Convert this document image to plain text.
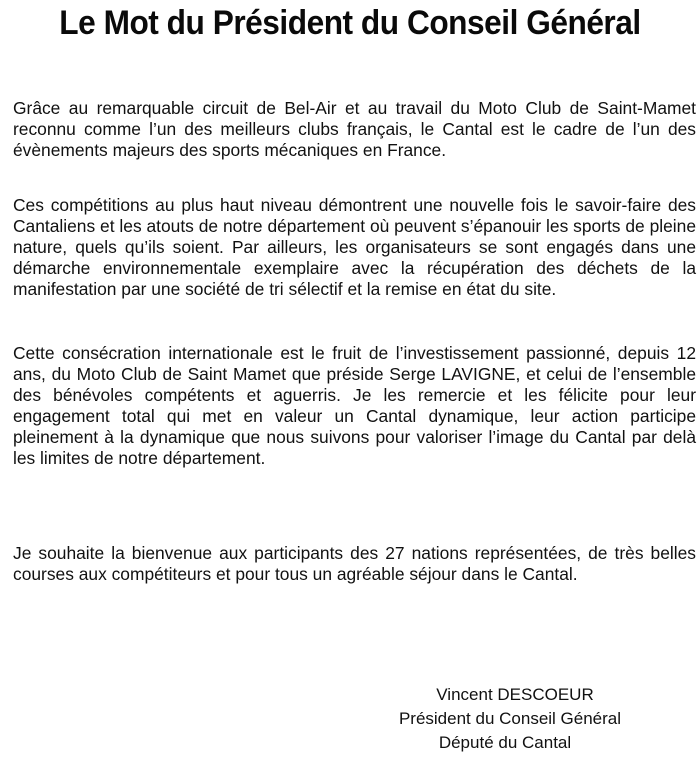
Le Mot du Président du Conseil Général

Grâce au remarquable circuit de Bel-Air et au travail du Moto Club de Saint-Mamet reconnu comme l’un des meilleurs clubs français, le Cantal est le cadre de l’un des évènements majeurs des sports mécaniques en France.

Ces compétitions au plus haut niveau démontrent une nouvelle fois le savoir-faire des Cantaliens et les atouts de notre département où peuvent s’épanouir les sports de pleine nature, quels qu’ils soient. Par ailleurs, les organisateurs se sont engagés dans une démarche environnementale exemplaire avec la récupération des déchets de la manifestation par une société de tri sélectif et la remise en état du site.

Cette consécration internationale est le fruit de l’investissement passionné, depuis 12 ans, du Moto Club de Saint Mamet que préside Serge LAVIGNE, et celui de l’ensemble des bénévoles compétents et aguerris. Je les remercie et les félicite pour leur engagement total qui met en valeur un Cantal dynamique, leur action participe pleinement à la dynamique que nous suivons pour valoriser l’image du Cantal par delà les limites de notre département.

Je souhaite la bienvenue aux participants des 27 nations représentées, de très belles courses aux compétiteurs et pour tous un agréable séjour dans le Cantal.

Vincent DESCOEUR
Président du Conseil Général
Député du Cantal
